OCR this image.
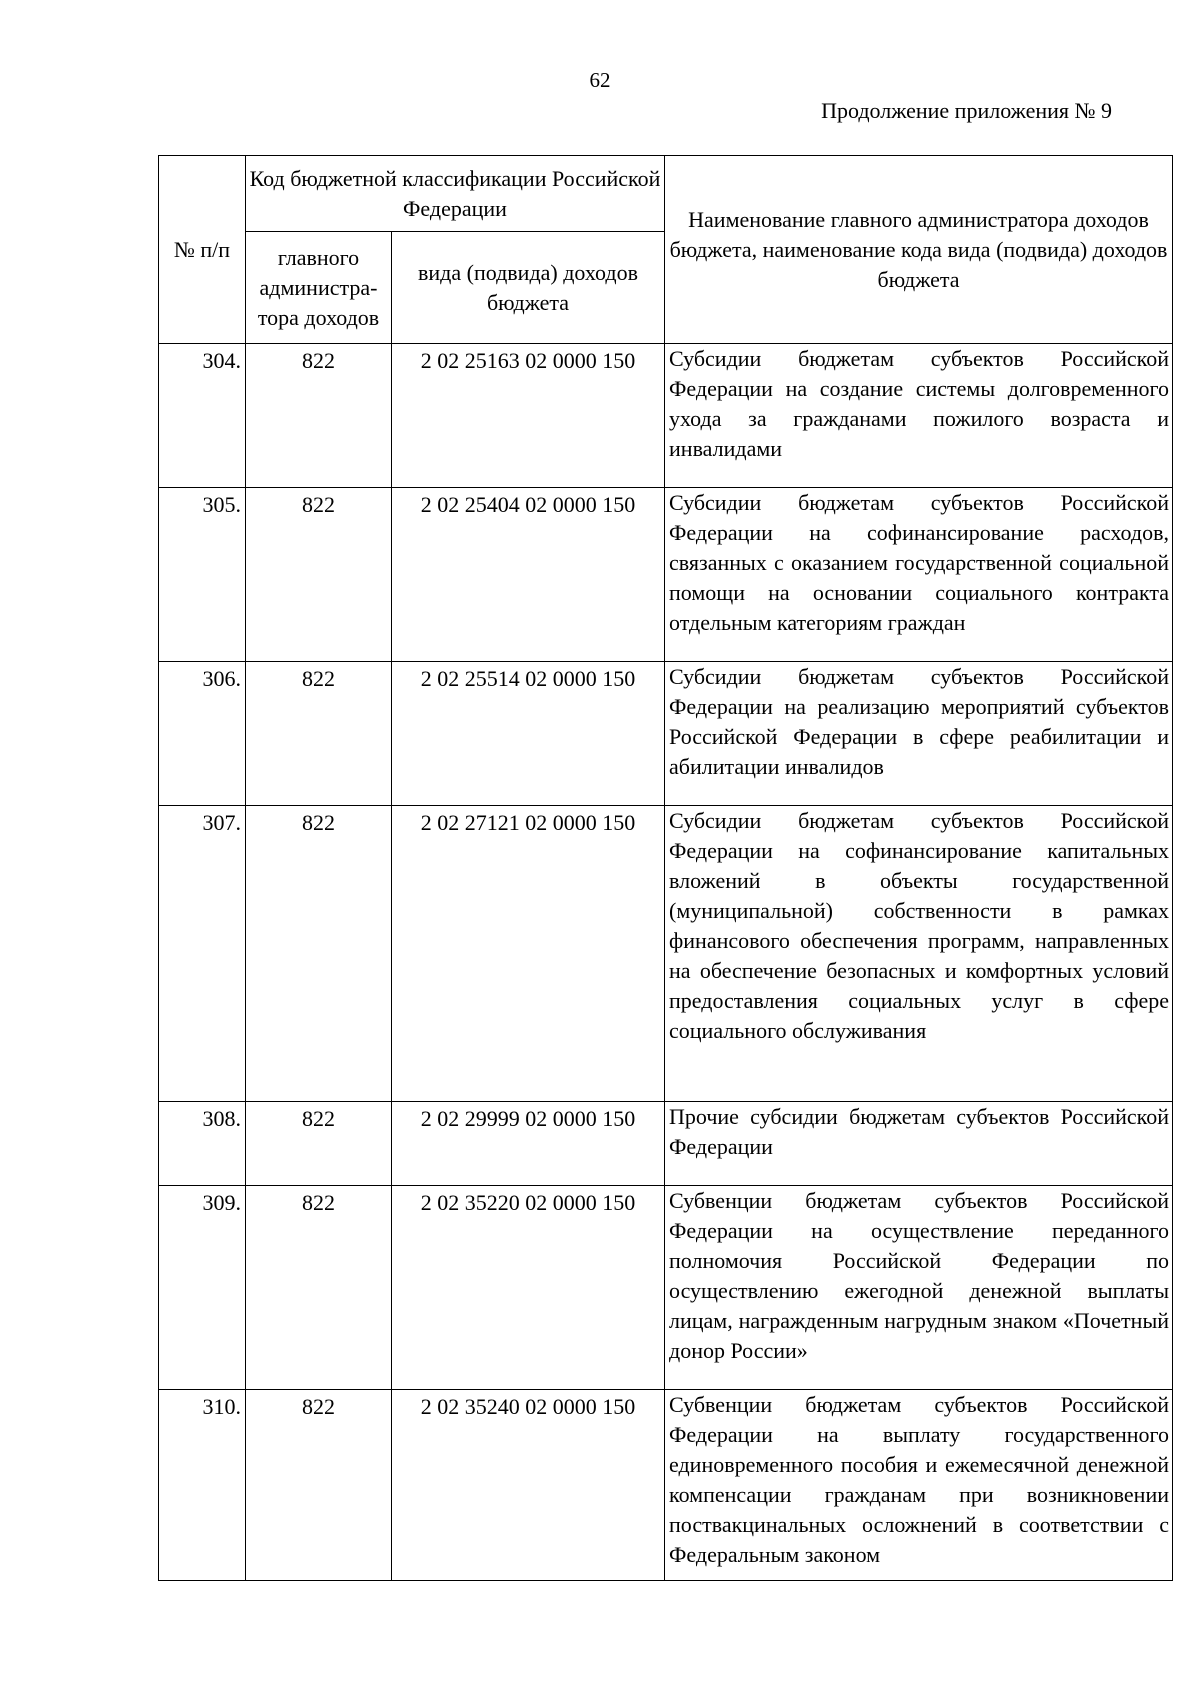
62
Продолжение приложения № 9
№ п/п	Код бюджетной классификации Российской Федерации		Наименование главного администратора доходов бюджета, наименование кода вида (подвида) доходов бюджета
	главного администра-тора доходов	вида (подвида) доходов бюджета	
304.	822	2 02 25163 02 0000 150	Субсидии бюджетам субъектов Российской Федерации на создание системы долговременного ухода за гражданами пожилого возраста и инвалидами
305.	822	2 02 25404 02 0000 150	Субсидии бюджетам субъектов Российской Федерации на софинансирование расходов, связанных с оказанием государственной социальной помощи на основании социального контракта отдельным категориям граждан
306.	822	2 02 25514 02 0000 150	Субсидии бюджетам субъектов Российской Федерации на реализацию мероприятий субъектов Российской Федерации в сфере реабилитации и абилитации инвалидов
307.	822	2 02 27121 02 0000 150	Субсидии бюджетам субъектов Российской Федерации на софинансирование капитальных вложений в объекты государственной (муниципальной) собственности в рамках финансового обеспечения программ, направленных на обеспечение безопасных и комфортных условий предоставления социальных услуг в сфере социального обслуживания
308.	822	2 02 29999 02 0000 150	Прочие субсидии бюджетам субъектов Российской Федерации
309.	822	2 02 35220 02 0000 150	Субвенции бюджетам субъектов Российской Федерации на осуществление переданного полномочия Российской Федерации по осуществлению ежегодной денежной выплаты лицам, награжденным нагрудным знаком «Почетный донор России»
310.	822	2 02 35240 02 0000 150	Субвенции бюджетам субъектов Российской Федерации на выплату государственного единовременного пособия и ежемесячной денежной компенсации гражданам при возникновении поствакцинальных осложнений в соответствии с Федеральным законом
